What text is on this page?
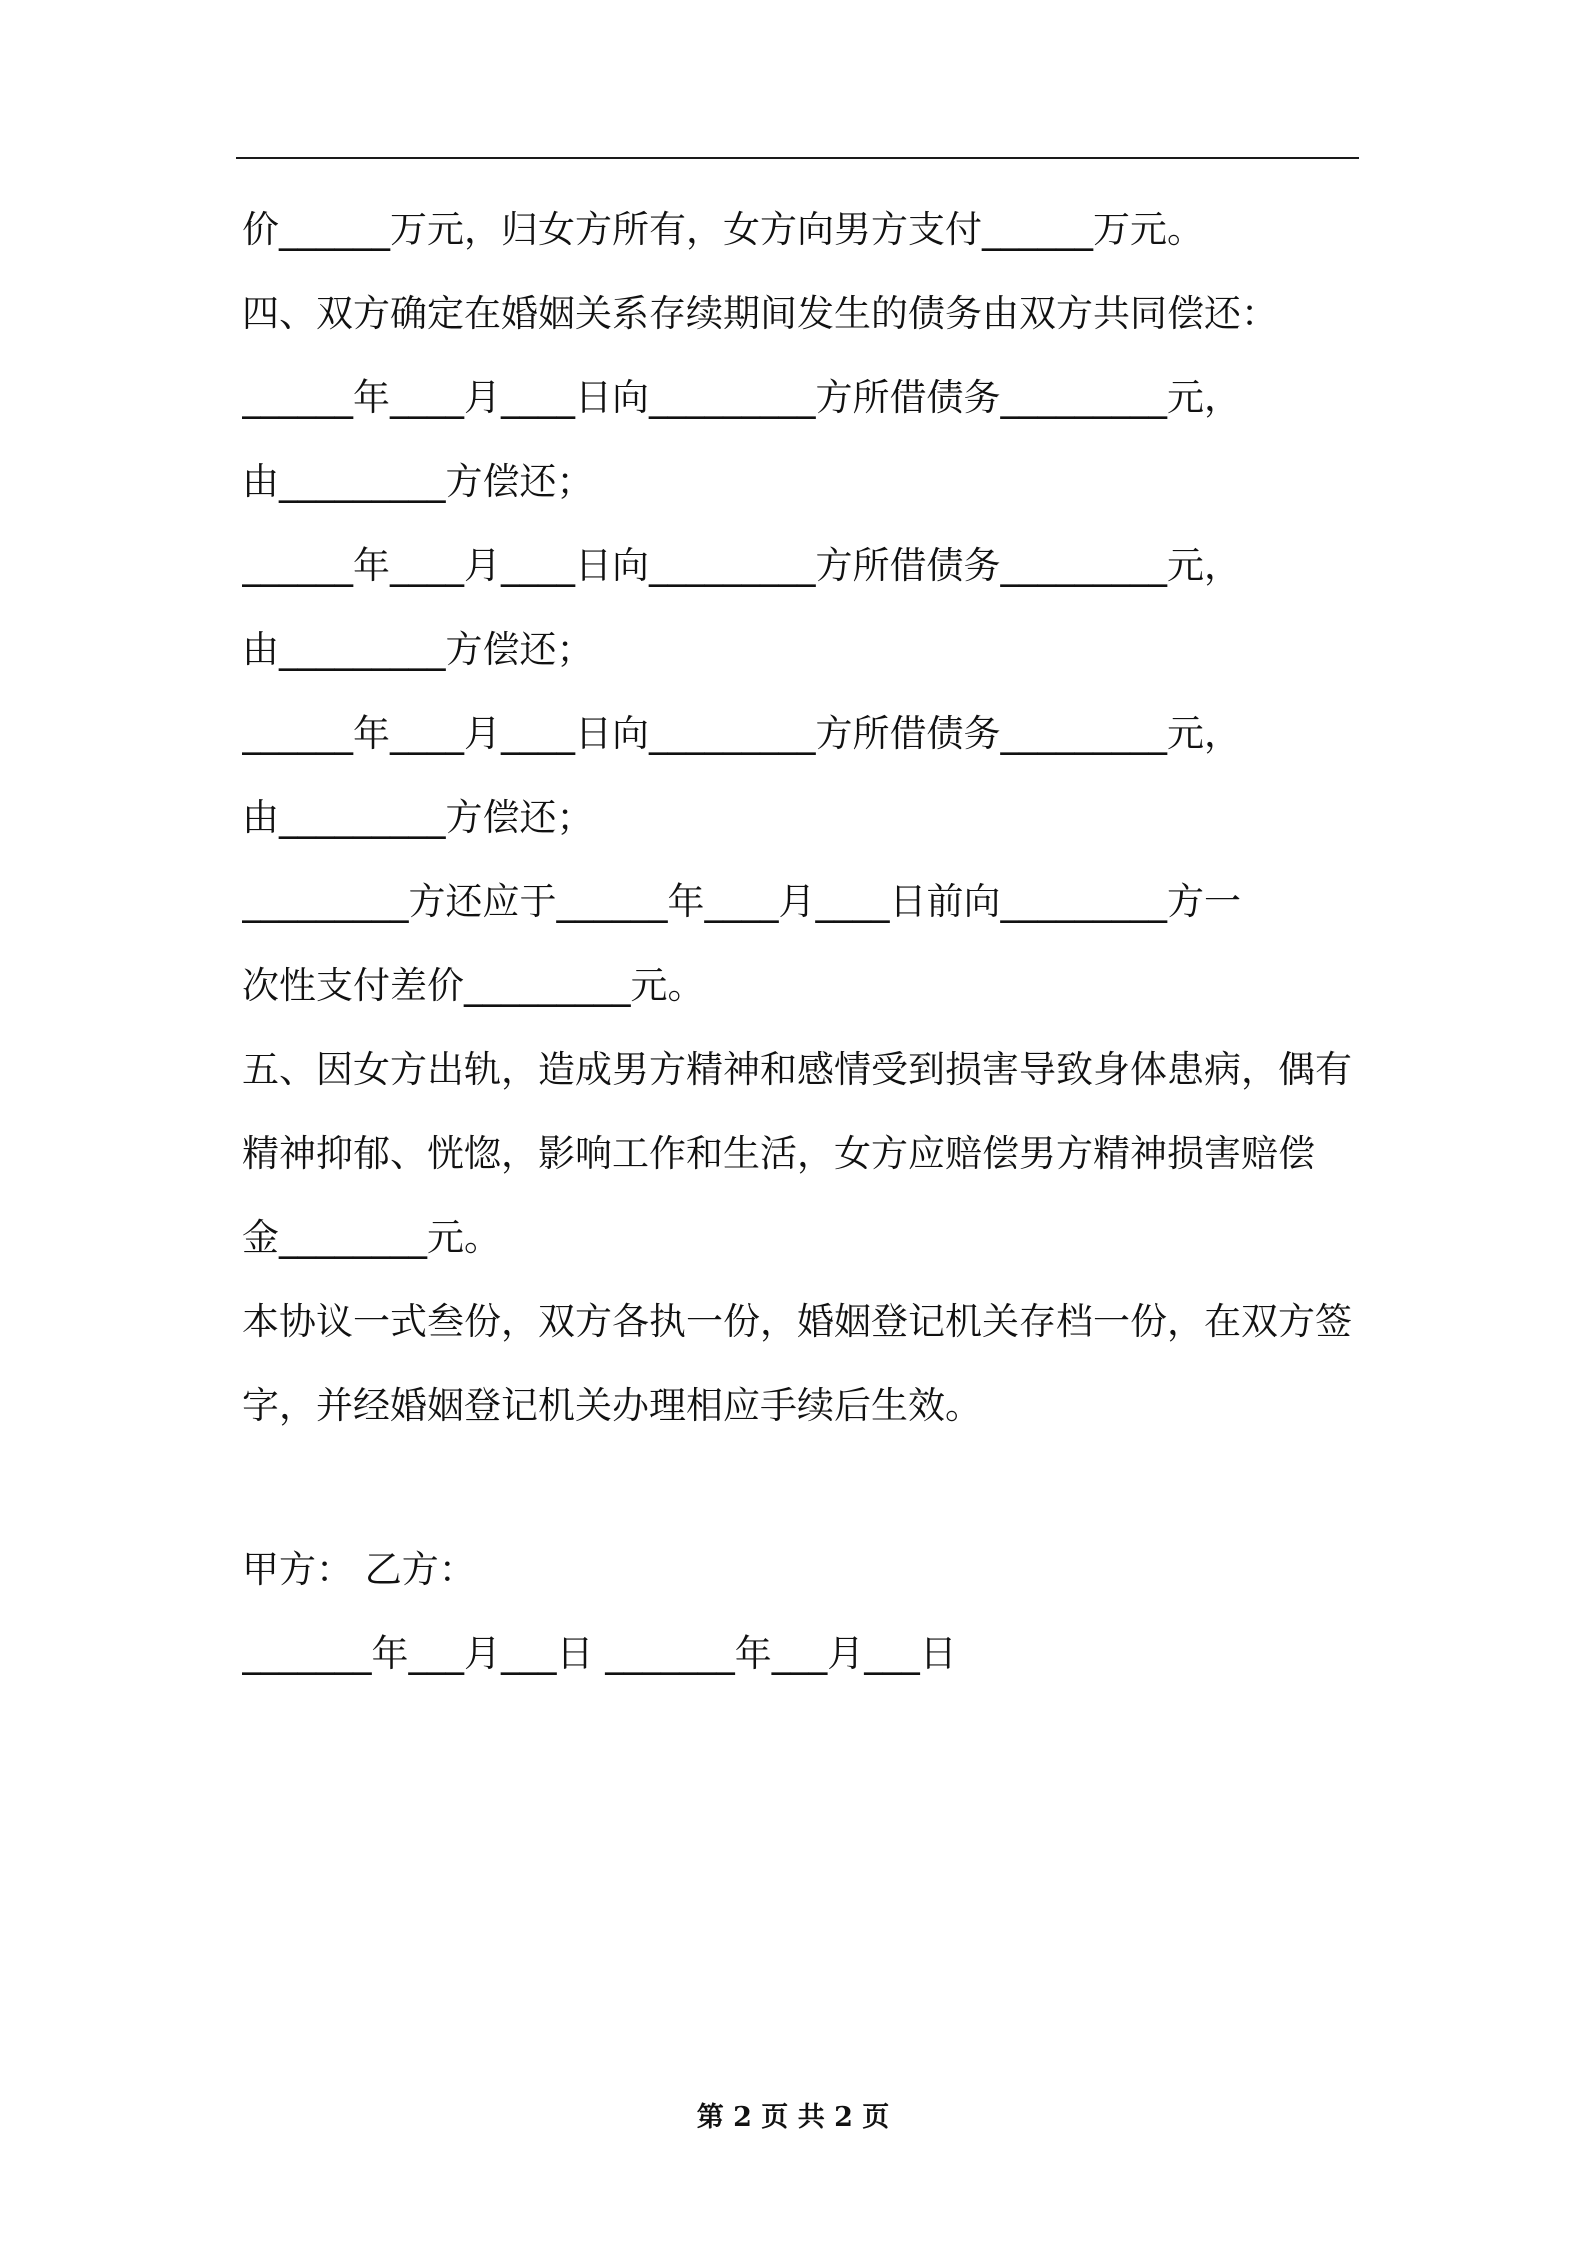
价______万元，归女方所有，女方向男方支付______万元。
四、双方确定在婚姻关系存续期间发生的债务由双方共同偿还：
______年____月____日向_________方所借债务_________元，
由_________方偿还；
______年____月____日向_________方所借债务_________元，
由_________方偿还；
______年____月____日向_________方所借债务_________元，
由_________方偿还；
_________方还应于______年____月____日前向_________方一
次性支付差价_________元。
五、因女方出轨，造成男方精神和感情受到损害导致身体患病，偶有
精神抑郁、恍惚，影响工作和生活，女方应赔偿男方精神损害赔偿
金________元。
本协议一式叁份，双方各执一份，婚姻登记机关存档一份，在双方签
字，并经婚姻登记机关办理相应手续后生效。
甲方： 乙方：
_______年___月___日 _______年___月___日
第 2 页 共 2 页
